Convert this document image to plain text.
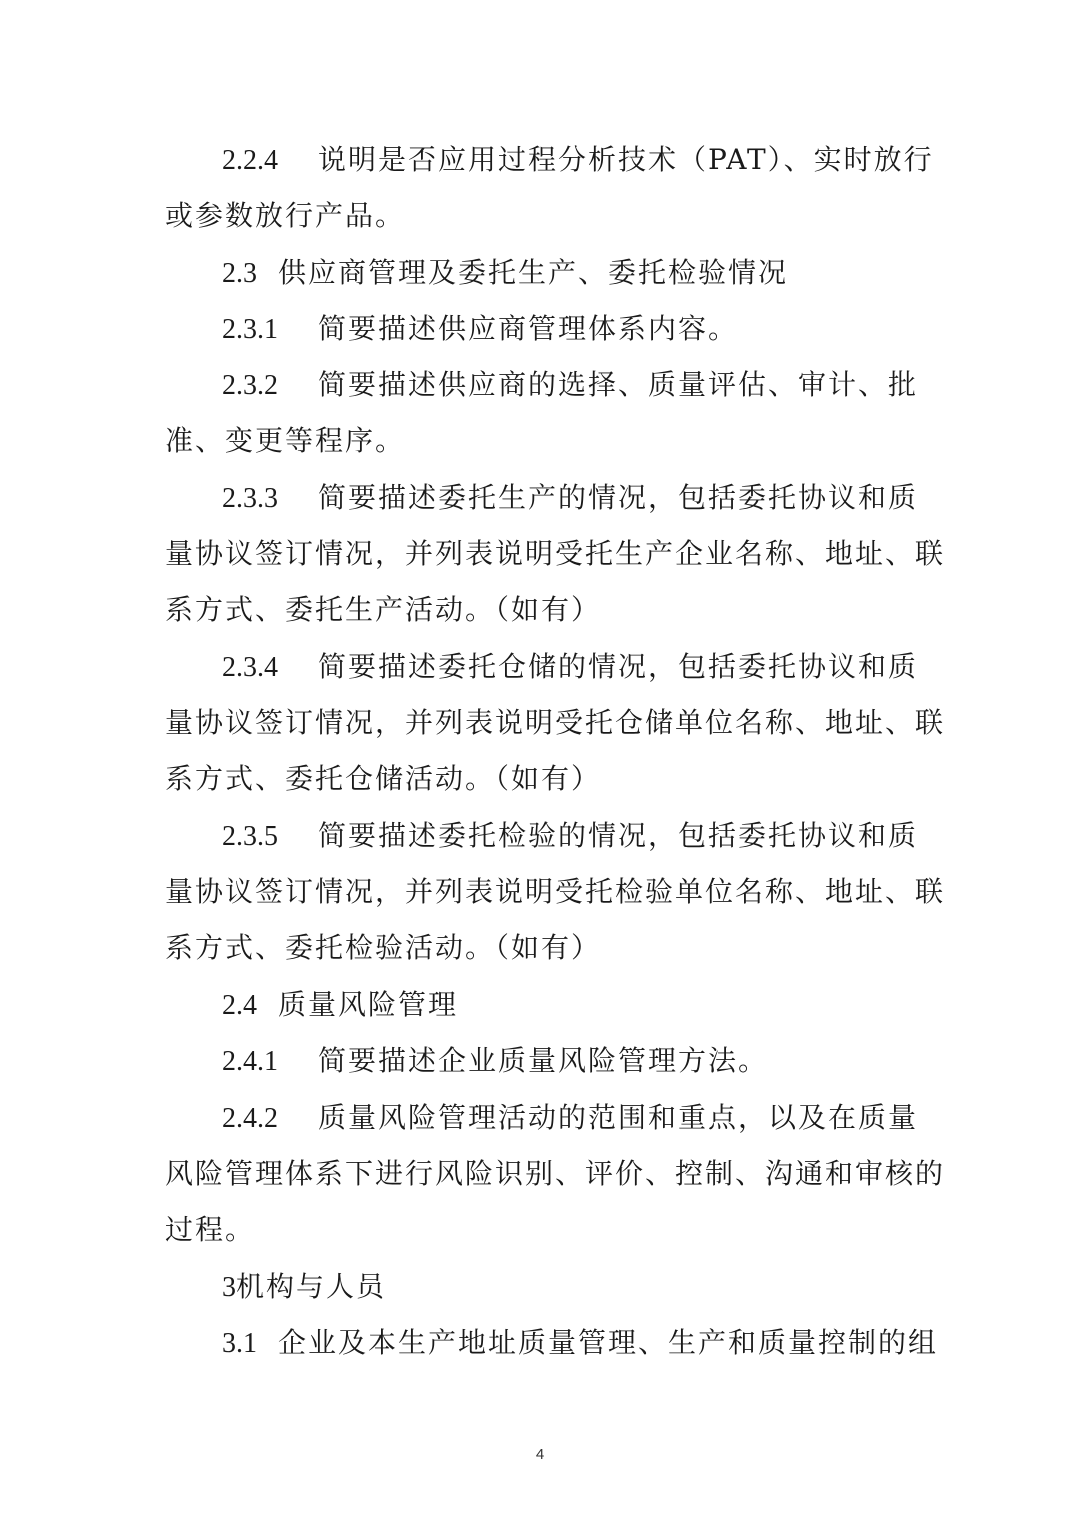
2.2.4 说明是否应用过程分析技术（PAT）、实时放行
或参数放行产品。
2.3 供应商管理及委托生产、委托检验情况
2.3.1 简要描述供应商管理体系内容。
2.3.2 简要描述供应商的选择、质量评估、审计、批
准、变更等程序。
2.3.3 简要描述委托生产的情况，包括委托协议和质
量协议签订情况，并列表说明受托生产企业名称、地址、联
系方式、委托生产活动。（如有）
2.3.4 简要描述委托仓储的情况，包括委托协议和质
量协议签订情况，并列表说明受托仓储单位名称、地址、联
系方式、委托仓储活动。（如有）
2.3.5 简要描述委托检验的情况，包括委托协议和质
量协议签订情况，并列表说明受托检验单位名称、地址、联
系方式、委托检验活动。（如有）
2.4 质量风险管理
2.4.1 简要描述企业质量风险管理方法。
2.4.2 质量风险管理活动的范围和重点，以及在质量
风险管理体系下进行风险识别、评价、控制、沟通和审核的
过程。
3机构与人员
3.1 企业及本生产地址质量管理、生产和质量控制的组
4
